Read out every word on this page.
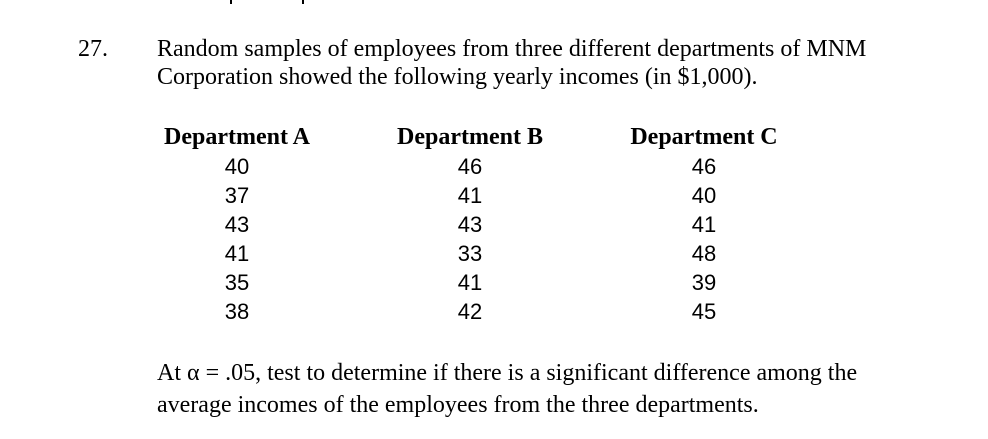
27. Random samples of employees from three different departments of MNM
Corporation showed the following yearly incomes (in $1,000).
Department A
40
37
43
41
35
38
Department B
46
41
43
33
41
42
Department C
46
40
41
48
39
45
At α = .05, test to determine if there is a significant difference among the
average incomes of the employees from the three departments.
